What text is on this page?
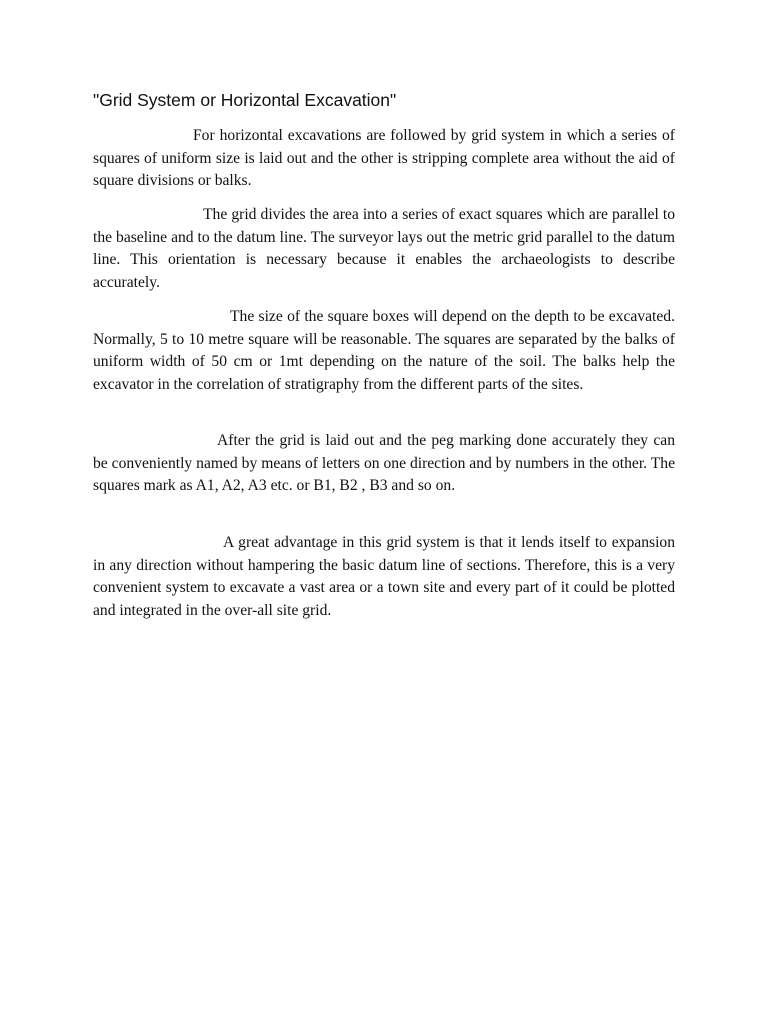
"Grid System or Horizontal Excavation"

For horizontal excavations are followed by grid system in which a series of squares of uniform size is laid out and the other is stripping complete area without the aid of square divisions or balks.

The grid divides the area into a series of exact squares which are parallel to the baseline and to the datum line. The surveyor lays out the metric grid parallel to the datum line. This orientation is necessary because it enables the archaeologists to describe accurately.

The size of the square boxes will depend on the depth to be excavated. Normally, 5 to 10 metre square will be reasonable. The squares are separated by the balks of uniform width of 50 cm or 1mt depending on the nature of the soil. The balks help the excavator in the correlation of stratigraphy from the different parts of the sites.

After the grid is laid out and the peg marking done accurately they can be conveniently named by means of letters on one direction and by numbers in the other. The squares mark as A1, A2, A3 etc. or B1, B2 , B3 and so on.

A great advantage in this grid system is that it lends itself to expansion in any direction without hampering the basic datum line of sections. Therefore, this is a very convenient system to excavate a vast area or a town site and every part of it could be plotted and integrated in the over-all site grid.
